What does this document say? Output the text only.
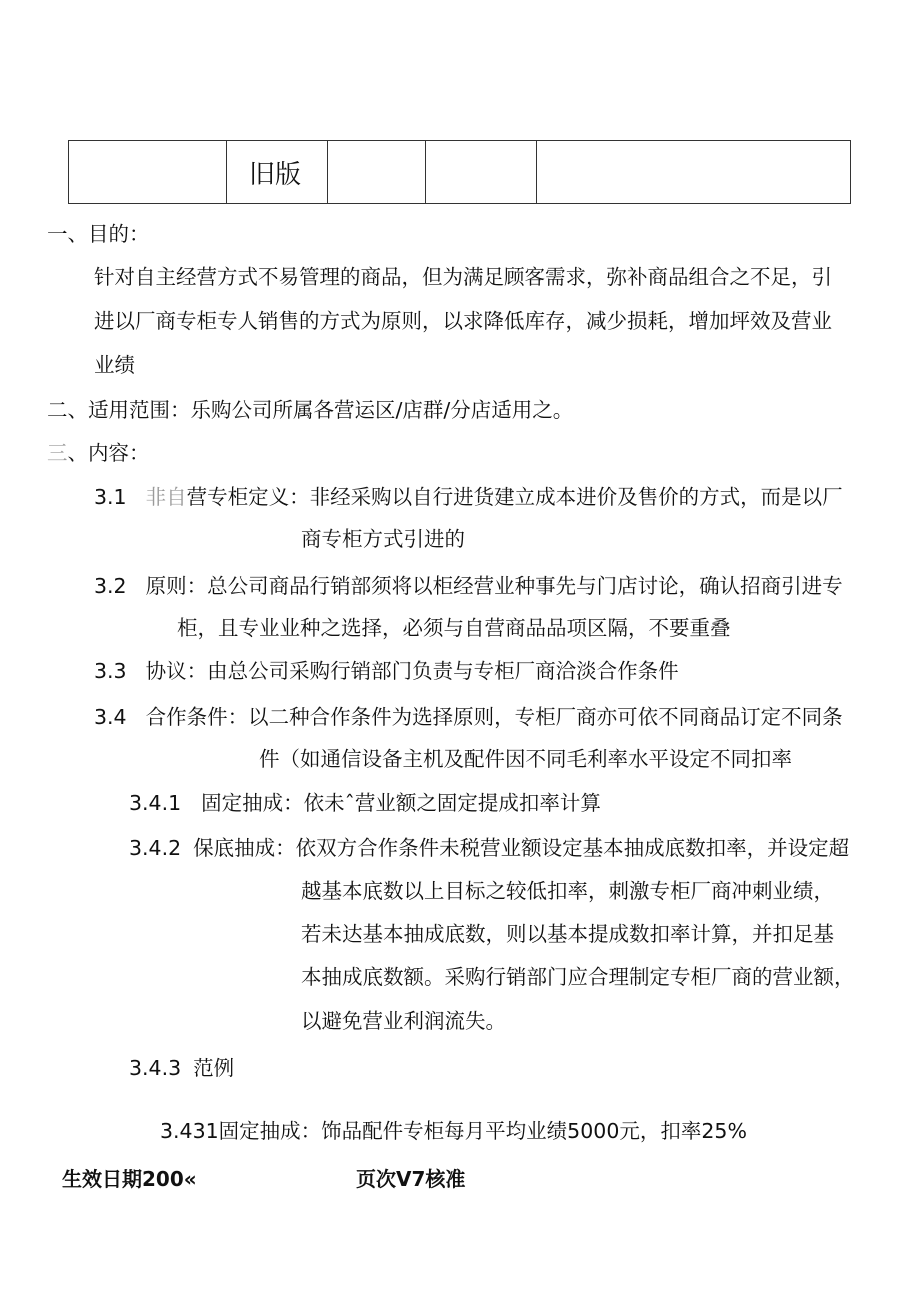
	旧版			
一、目的：
针对自主经营方式不易管理的商品，但为满足顾客需求，弥补商品组合之不足，引
进以厂商专柜专人销售的方式为原则，以求降低库存，减少损耗，增加坪效及营业
业绩
二、适用范围：乐购公司所属各营运区/店群/分店适用之。
三、内容：
3.1 非自营专柜定义：非经采购以自行进货建立成本进价及售价的方式，而是以厂
商专柜方式引进的
3.2 原则：总公司商品行销部须将以柜经营业种事先与门店讨论，确认招商引进专
柜，且专业业种之选择，必须与自营商品品项区隔，不要重叠
3.3 协议：由总公司采购行销部门负责与专柜厂商洽淡合作条件
3.4 合作条件：以二种合作条件为选择原则，专柜厂商亦可依不同商品订定不同条
件（如通信设备主机及配件因不同毛利率水平设定不同扣率
3.4.1 固定抽成：依未ˆ营业额之固定提成扣率计算
3.4.2 保底抽成：依双方合作条件未税营业额设定基本抽成底数扣率，并设定超
越基本底数以上目标之较低扣率，刺激专柜厂商冲刺业绩，
若未达基本抽成底数，则以基本提成数扣率计算，并扣足基
本抽成底数额。采购行销部门应合理制定专柜厂商的营业额，
以避免营业利润流失。
3.4.3 范例
3.431固定抽成：饰品配件专柜每月平均业绩5000元，扣率25%
生效日期200«	页次V7核准
